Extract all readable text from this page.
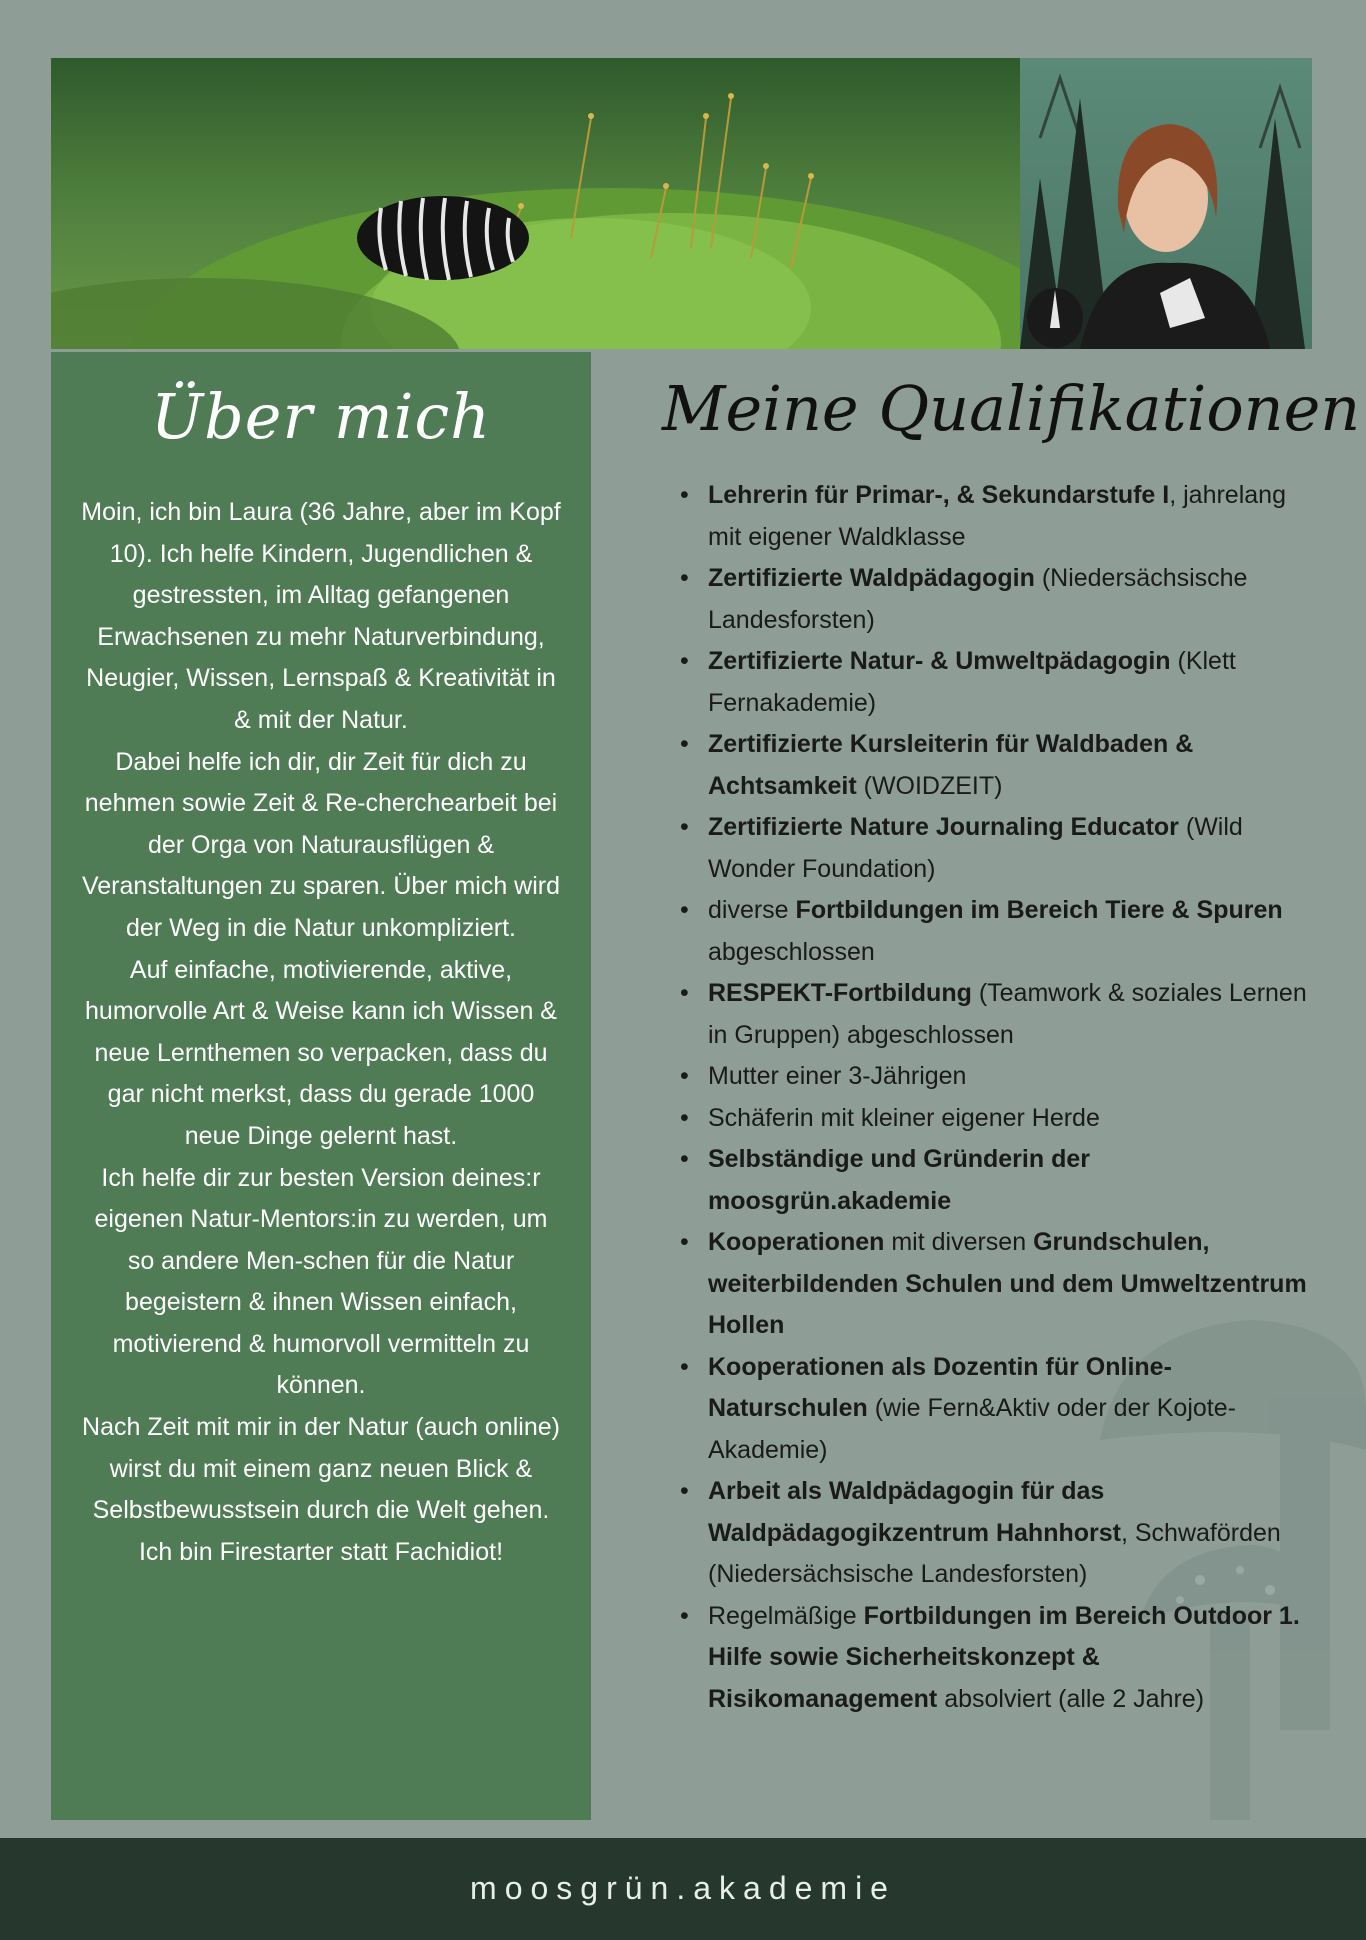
Über mich

Moin, ich bin Laura (36 Jahre, aber im Kopf 10). Ich helfe Kindern, Jugendlichen & gestressten, im Alltag gefangenen Erwachsenen zu mehr Naturverbindung, Neugier, Wissen, Lernspaß & Kreativität in & mit der Natur.

Dabei helfe ich dir, dir Zeit für dich zu nehmen sowie Zeit & Re-cherchearbeit bei der Orga von Naturausflügen & Veranstaltungen zu sparen. Über mich wird der Weg in die Natur unkompliziert.

Auf einfache, motivierende, aktive, humorvolle Art & Weise kann ich Wissen & neue Lernthemen so verpacken, dass du gar nicht merkst, dass du gerade 1000 neue Dinge gelernt hast.

Ich helfe dir zur besten Version deines:r eigenen Natur-Mentors:in zu werden, um so andere Men-schen für die Natur begeistern & ihnen Wissen einfach, motivierend & humorvoll vermitteln zu können.

Nach Zeit mit mir in der Natur (auch online) wirst du mit einem ganz neuen Blick & Selbstbewusstsein durch die Welt gehen.

Ich bin Firestarter statt Fachidiot!

Meine Qualifikationen
• Lehrerin für Primar-, & Sekundarstufe I, jahrelang mit eigener Waldklasse
• Zertifizierte Waldpädagogin (Niedersächsische Landesforsten)
• Zertifizierte Natur- & Umweltpädagogin (Klett Fernakademie)
• Zertifizierte Kursleiterin für Waldbaden & Achtsamkeit (WOIDZEIT)
• Zertifizierte Nature Journaling Educator (Wild Wonder Foundation)
• diverse Fortbildungen im Bereich Tiere & Spuren abgeschlossen
• RESPEKT-Fortbildung (Teamwork & soziales Lernen in Gruppen) abgeschlossen
• Mutter einer 3-Jährigen
• Schäferin mit kleiner eigener Herde
• Selbständige und Gründerin der moosgrün.akademie
• Kooperationen mit diversen Grundschulen, weiterbildenden Schulen und dem Umweltzentrum Hollen
• Kooperationen als Dozentin für Online-Naturschulen (wie Fern&Aktiv oder der Kojote-Akademie)
• Arbeit als Waldpädagogin für das Waldpädagogikzentrum Hahnhorst, Schwaförden (Niedersächsische Landesforsten)
• Regelmäßige Fortbildungen im Bereich Outdoor 1. Hilfe sowie Sicherheitskonzept & Risikomanagement absolviert (alle 2 Jahre)
moosgrün.akademie
